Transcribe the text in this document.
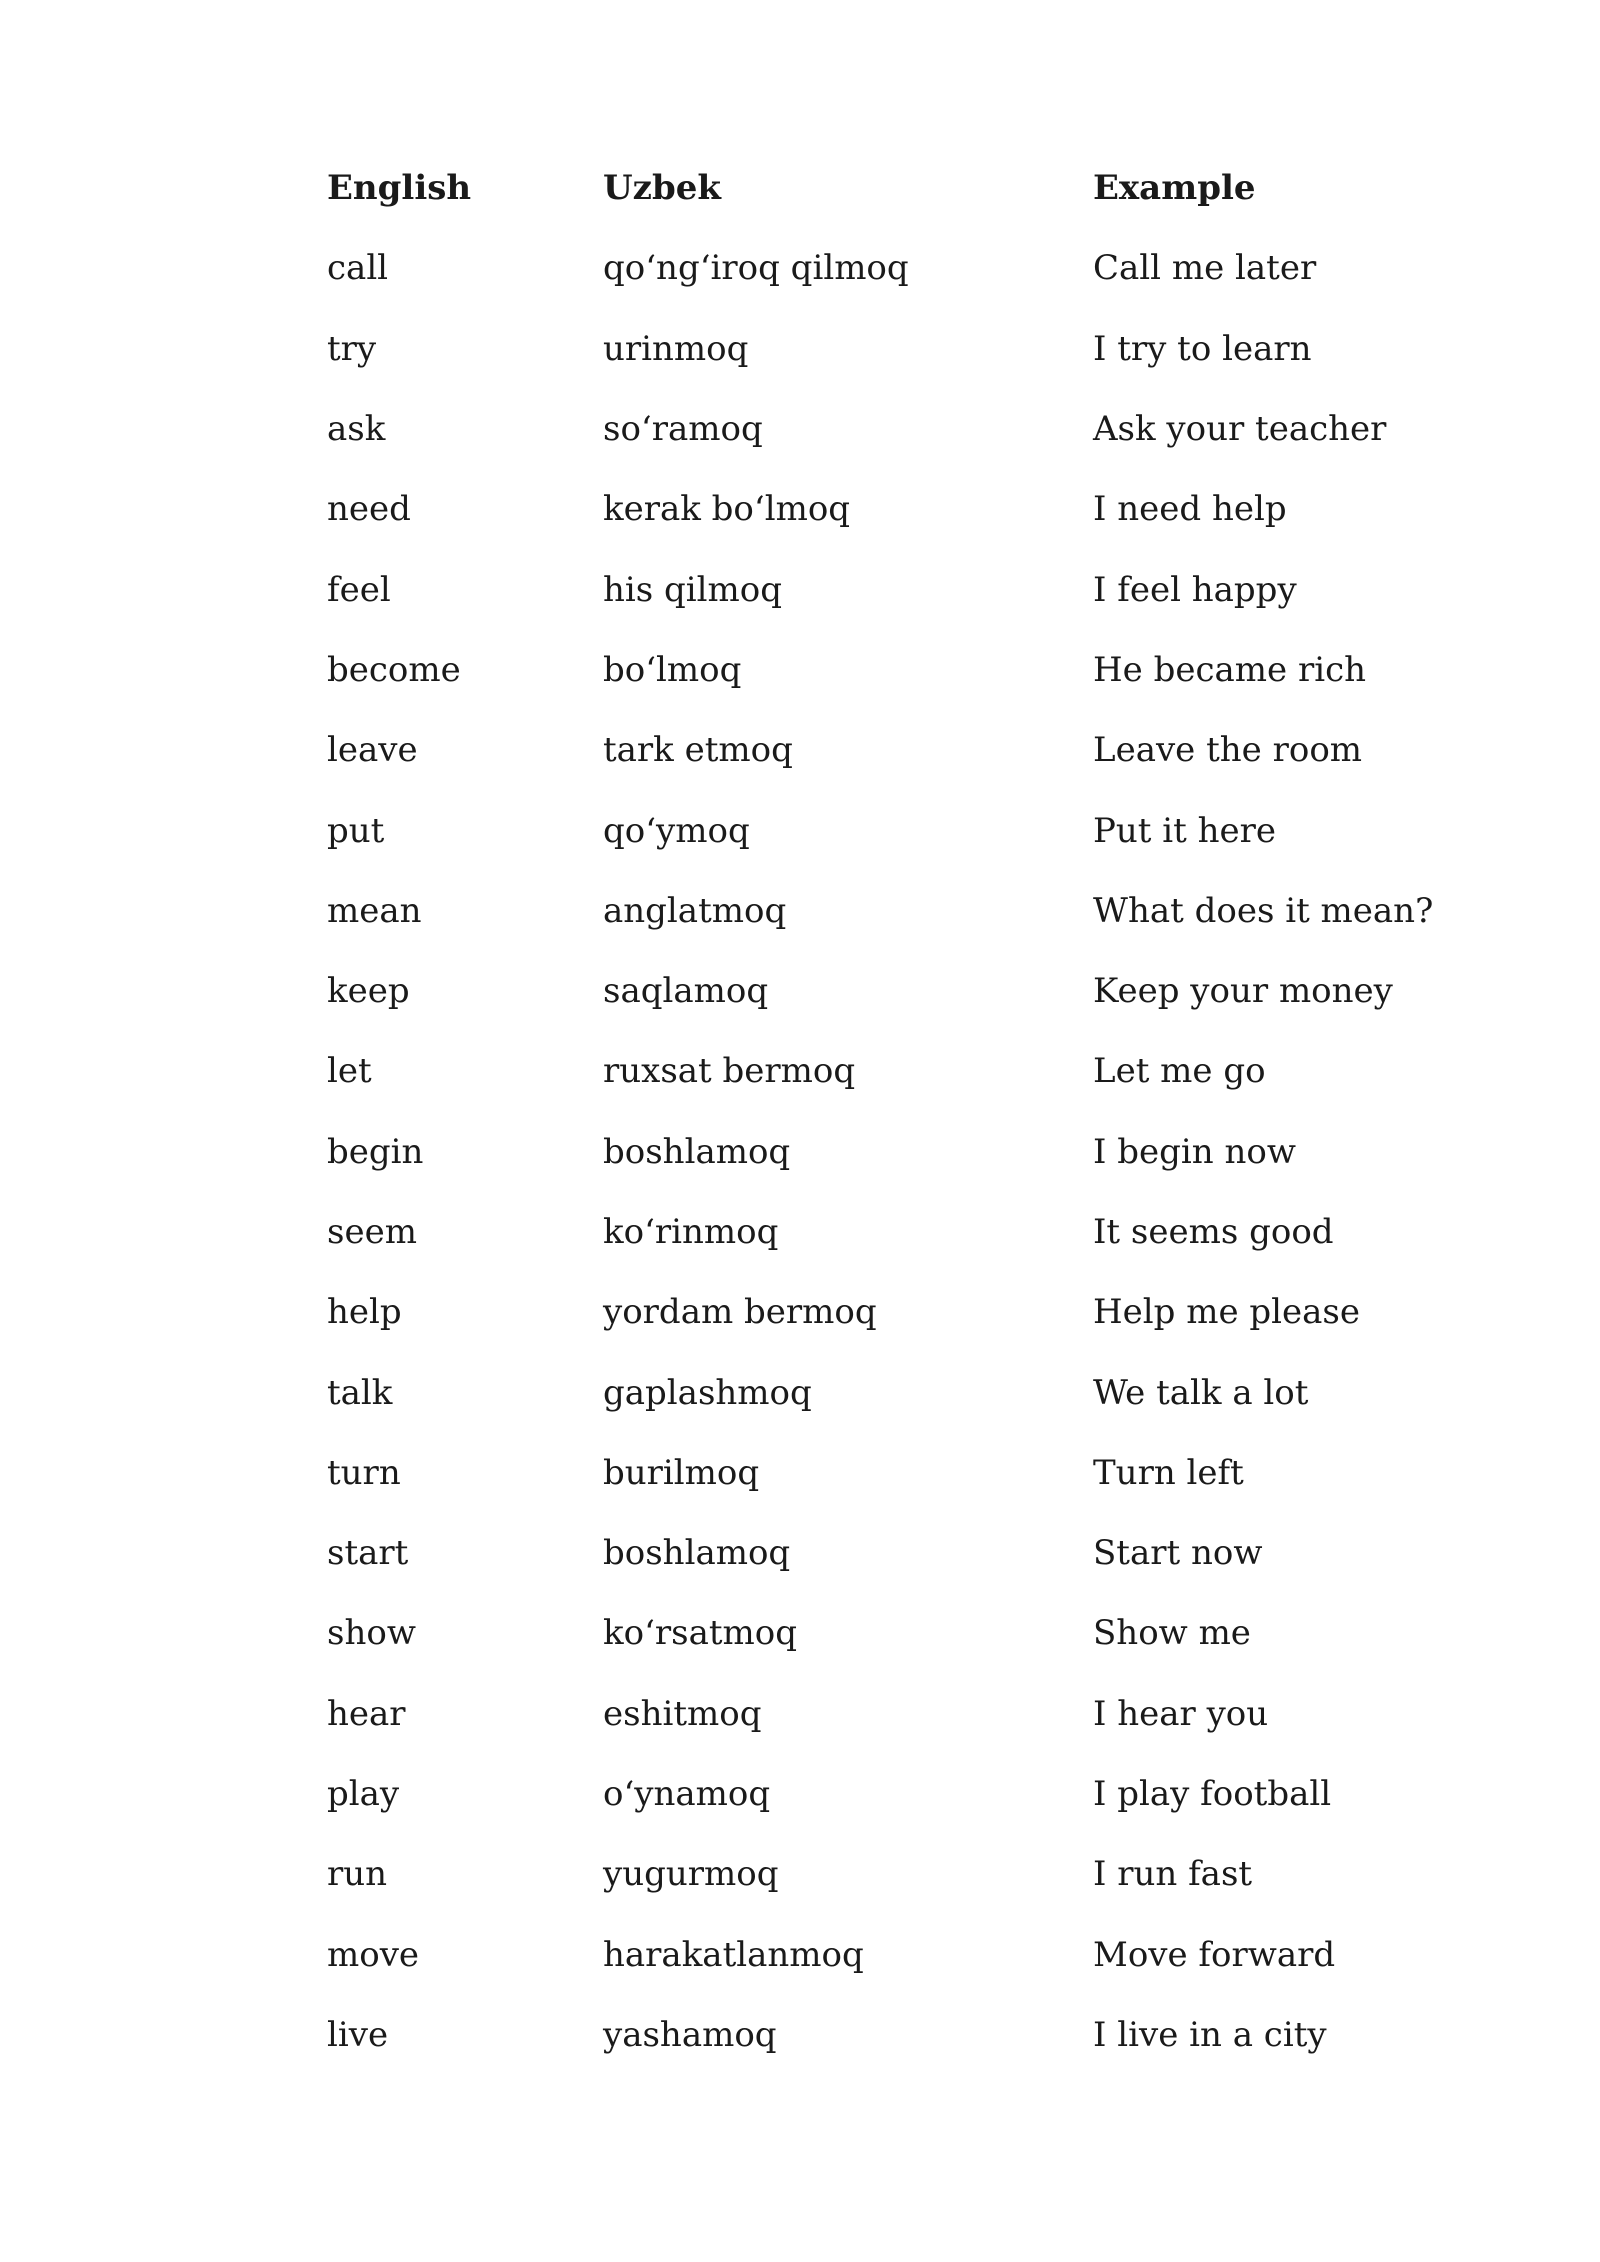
English	Uzbek	Example
call	qo‘ng‘iroq qilmoq	Call me later
try	urinmoq	I try to learn
ask	so‘ramoq	Ask your teacher
need	kerak bo‘lmoq	I need help
feel	his qilmoq	I feel happy
become	bo‘lmoq	He became rich
leave	tark etmoq	Leave the room
put	qo‘ymoq	Put it here
mean	anglatmoq	What does it mean?
keep	saqlamoq	Keep your money
let	ruxsat bermoq	Let me go
begin	boshlamoq	I begin now
seem	ko‘rinmoq	It seems good
help	yordam bermoq	Help me please
talk	gaplashmoq	We talk a lot
turn	burilmoq	Turn left
start	boshlamoq	Start now
show	ko‘rsatmoq	Show me
hear	eshitmoq	I hear you
play	o‘ynamoq	I play football
run	yugurmoq	I run fast
move	harakatlanmoq	Move forward
live	yashamoq	I live in a city
